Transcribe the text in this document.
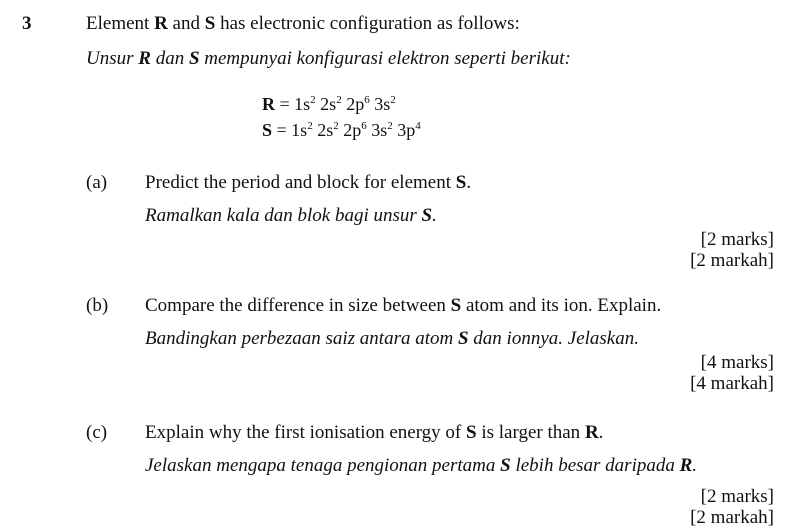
3	Element R and S has electronic configuration as follows:
Unsur R dan S mempunyai konfigurasi elektron seperti berikut:
$R = 1s^2$ $2s^2$ $2p^6$ $3s^2$
$S = 1s^2$ $2s^2$ $2p^6$ $3s^2$ $3p^4$
(a) Predict the period and block for element S.
Ramalkan kala dan blok bagi unsur S.
[2 marks]
[2 markah]
(b) Compare the difference in size between S atom and its ion. Explain.
Bandingkan perbezaan saiz antara atom S dan ionnya. Jelaskan.
[4 marks]
[4 markah]
(c) Explain why the first ionisation energy of S is larger than R.
Jelaskan mengapa tenaga pengionan pertama S lebih besar daripada R.
[2 marks]
[2 markah]
